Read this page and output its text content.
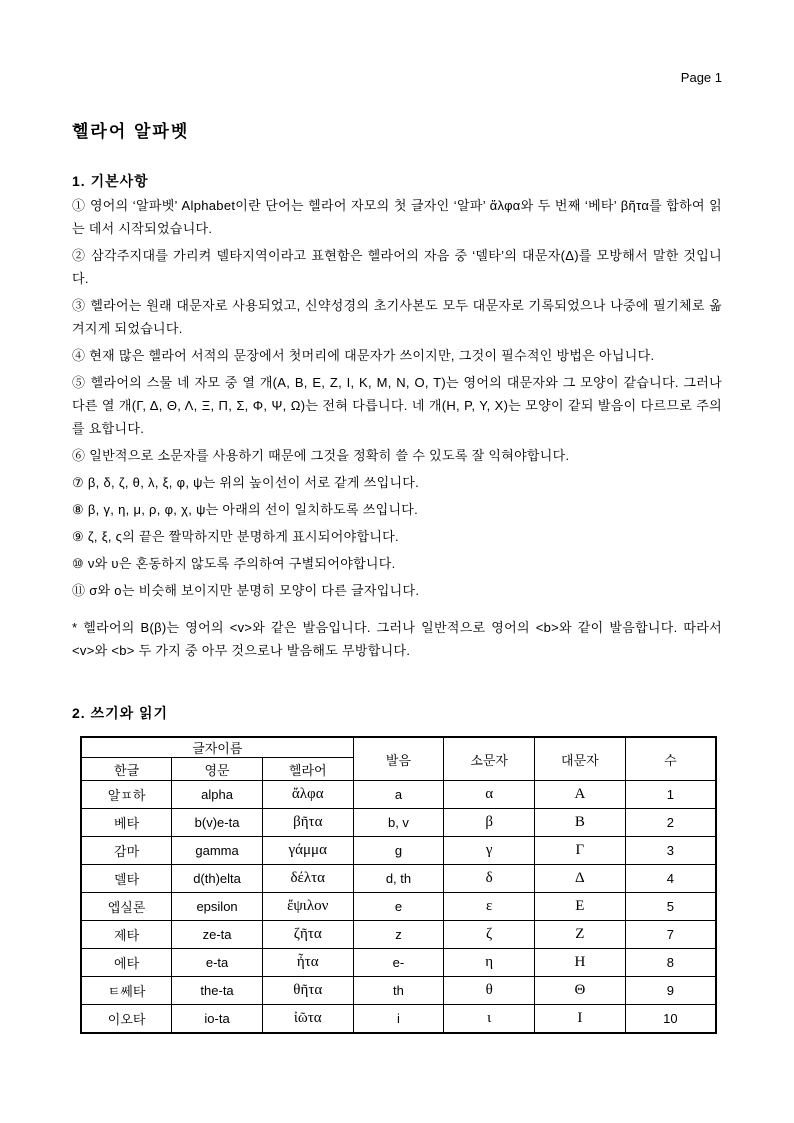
Page 1

헬라어 알파벳
1. 기본사항

① 영어의 ‘알파벳’ Alphabet이란 단어는 헬라어 자모의 첫 글자인 ‘알파’ ἄλφα와 두 번째 ‘베타’ βῆτα를 합하여 읽는 데서 시작되었습니다.

② 삼각주지대를 가리켜 델타지역이라고 표현함은 헬라어의 자음 중 ‘델타’의 대문자(Δ)를 모방해서 말한 것입니다.

③ 헬라어는 원래 대문자로 사용되었고, 신약성경의 초기사본도 모두 대문자로 기록되었으나 나중에 필기체로 옮겨지게 되었습니다.

④ 현재 많은 헬라어 서적의 문장에서 첫머리에 대문자가 쓰이지만, 그것이 필수적인 방법은 아닙니다.

⑤ 헬라어의 스물 네 자모 중 열 개(Α, Β, Ε, Ζ, Ι, Κ, Μ, Ν, Ο, Τ)는 영어의 대문자와 그 모양이 같습니다. 그러나 다른 열 개(Γ, Δ, Θ, Λ, Ξ, Π, Σ, Φ, Ψ, Ω)는 전혀 다릅니다. 네 개(Η, Ρ, Υ, Χ)는 모양이 같되 발음이 다르므로 주의를 요합니다.

⑥ 일반적으로 소문자를 사용하기 때문에 그것을 정확히 쓸 수 있도록 잘 익혀야합니다.

⑦ β, δ, ζ, θ, λ, ξ, φ, ψ는 위의 높이선이 서로 같게 쓰입니다.

⑧ β, γ, η, μ, ρ, φ, χ, ψ는 아래의 선이 일치하도록 쓰입니다.

⑨ ζ, ξ, ς의 끝은 짤막하지만 분명하게 표시되어야합니다.

⑩ ν와 υ은 혼동하지 않도록 주의하여 구별되어야합니다.

⑪ σ와 ο는 비슷해 보이지만 분명히 모양이 다른 글자입니다.

* 헬라어의 Β(β)는 영어의 <v>와 같은 발음입니다. 그러나 일반적으로 영어의 <b>와 같이 발음합니다. 따라서 <v>와 <b> 두 가지 중 아무 것으로나 발음해도 무방합니다.

2. 쓰기와 읽기
글자이름			발음	소문자	대문자	수
한글	영문	헬라어				
알ㅍ하	alpha	ἄλφα	a	α	Α	1
베타	b(v)e-ta	βῆτα	b, v	β	Β	2
감마	gamma	γάμμα	g	γ	Γ	3
델타	d(th)elta	δέλτα	d, th	δ	Δ	4
엡실론	epsilon	ἔψιλον	e	ε	Ε	5
제타	ze-ta	ζῆτα	z	ζ	Ζ	7
에타	e-ta	ἦτα	e-	η	Η	8
ㅌ쎄타	the-ta	θῆτα	th	θ	Θ	9
이오타	io-ta	ἰῶτα	i	ι	Ι	10
